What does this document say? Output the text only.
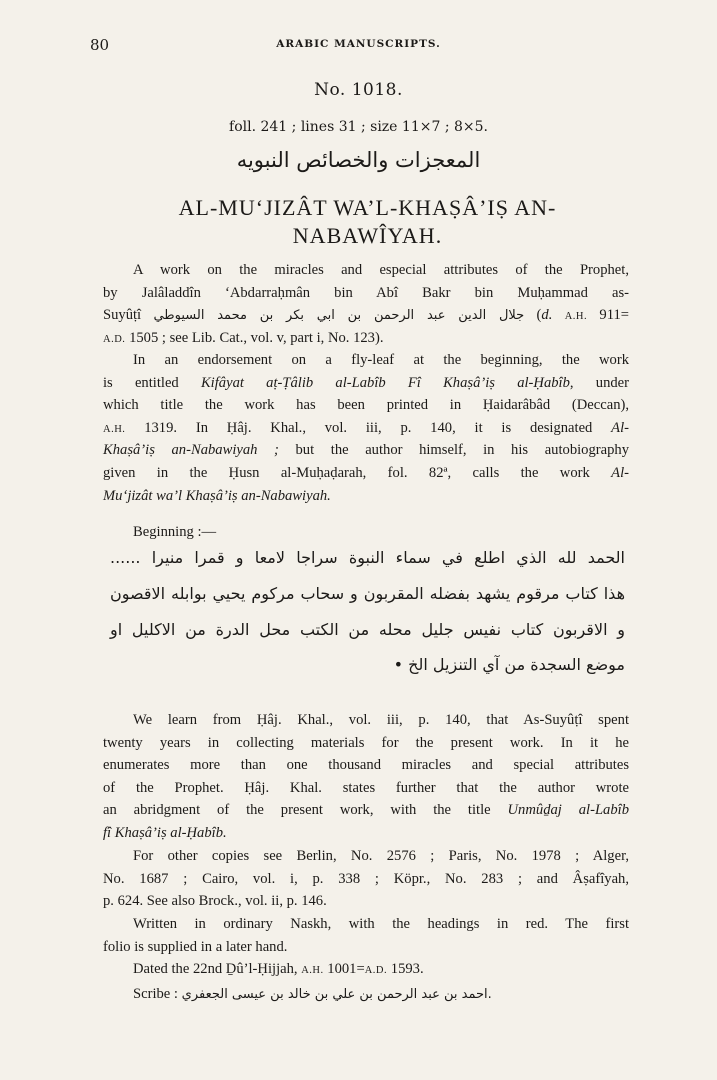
80	ARABIC MANUSCRIPTS.
No. 1018.
foll. 241 ; lines 31 ; size 11×7 ; 8×5.
المعجزات والخصائص النبويه
AL-MU‘JIZÂT WA’L-KHAṢÂ’IṢ AN-
NABAWÎYAH.
A work on the miracles and especial attributes of the Prophet,
by Jalâladdîn ‘Abdarraḥmân bin Abî Bakr bin Muḥammad as-
Suyûṭî جلال الدين عبد الرحمن بن ابي بكر بن محمد السيوطي (d. A.H. 911=
A.D. 1505 ; see Lib. Cat., vol. v, part i, No. 123).
In an endorsement on a fly-leaf at the beginning, the work
is entitled Kifâyat aṭ-Ṭâlib al-Labîb Fî Khaṣâ’iṣ al-Ḥabîb, under
which title the work has been printed in Ḥaidarâbâd (Deccan),
A.H. 1319. In Ḥâj. Khal., vol. iii, p. 140, it is designated Al-
Khaṣâ’iṣ an-Nabawiyah ; but the author himself, in his autobiography
given in the Ḥusn al-Muḥaḍarah, fol. 82ª, calls the work Al-
Mu‘jizât wa’l Khaṣâ’iṣ an-Nabawiyah.
Beginning :—
الحمد لله الذي اطلع في سماء النبوة سراجا لامعا و قمرا منيرا ......
هذا كتاب مرقوم يشهد بفضله المقربون و سحاب مركوم يحيي بوابله الاقصون
و الاقربون كتاب نفيس جليل محله من الكتب محل الدرة من الاكليل او
موضع السجدة من آي التنزيل الخ •
We learn from Ḥâj. Khal., vol. iii, p. 140, that As-Suyûṭî spent
twenty years in collecting materials for the present work. In it he
enumerates more than one thousand miracles and special attributes
of the Prophet. Ḥâj. Khal. states further that the author wrote
an abridgment of the present work, with the title Unmûḏaj al-Labîb
fî Khaṣâ’iṣ al-Ḥabîb.
For other copies see Berlin, No. 2576 ; Paris, No. 1978 ; Alger,
No. 1687 ; Cairo, vol. i, p. 338 ; Köpr., No. 283 ; and Âṣafîyah,
p. 624. See also Brock., vol. ii, p. 146.
Written in ordinary Naskh, with the headings in red. The first
folio is supplied in a later hand.
Dated the 22nd Ḏû’l-Ḥijjah, A.H. 1001=A.D. 1593.
Scribe : احمد بن عبد الرحمن بن علي بن خالد بن عيسى الجعفري.
